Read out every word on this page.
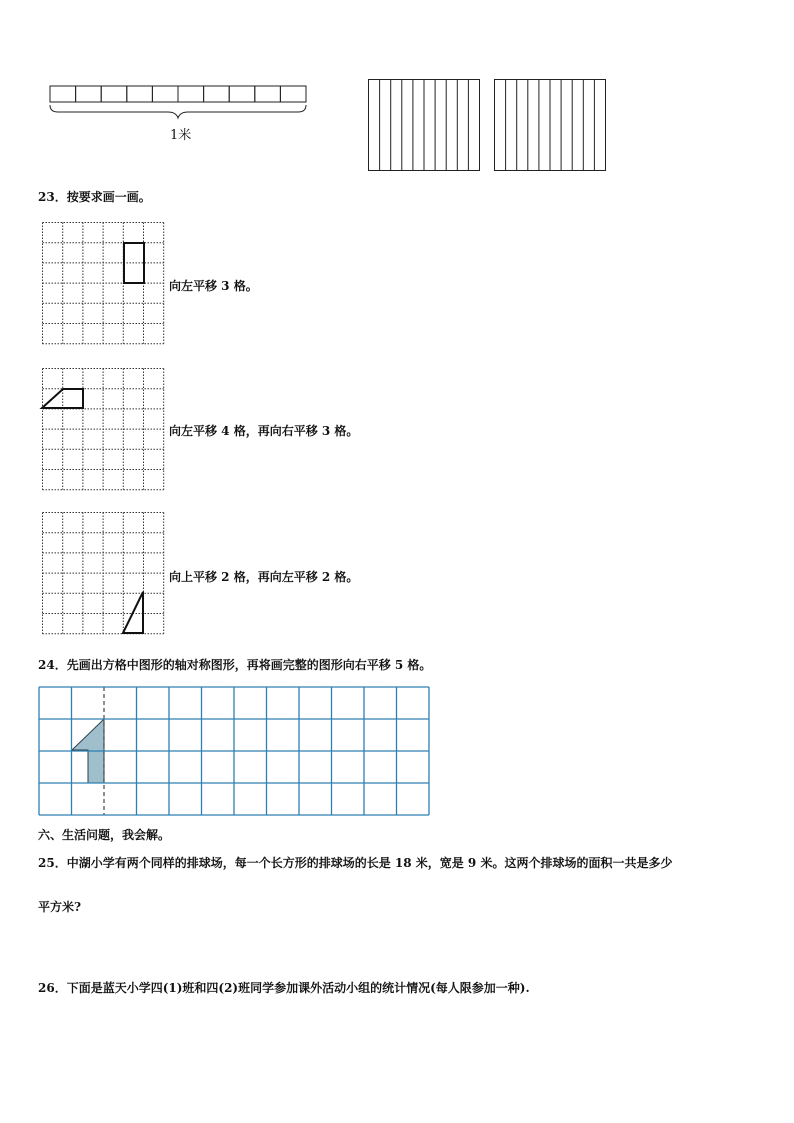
1米
23．按要求画一画。
向左平移 3 格。
向左平移 4 格，再向右平移 3 格。
向上平移 2 格，再向左平移 2 格。
24．先画出方格中图形的轴对称图形，再将画完整的图形向右平移 5 格。
六、生活问题，我会解。
25．中湖小学有两个同样的排球场，每一个长方形的排球场的长是 18 米，宽是 9 米。这两个排球场的面积一共是多少
平方米?
26．下面是蓝天小学四(1)班和四(2)班同学参加课外活动小组的统计情况(每人限参加一种).
